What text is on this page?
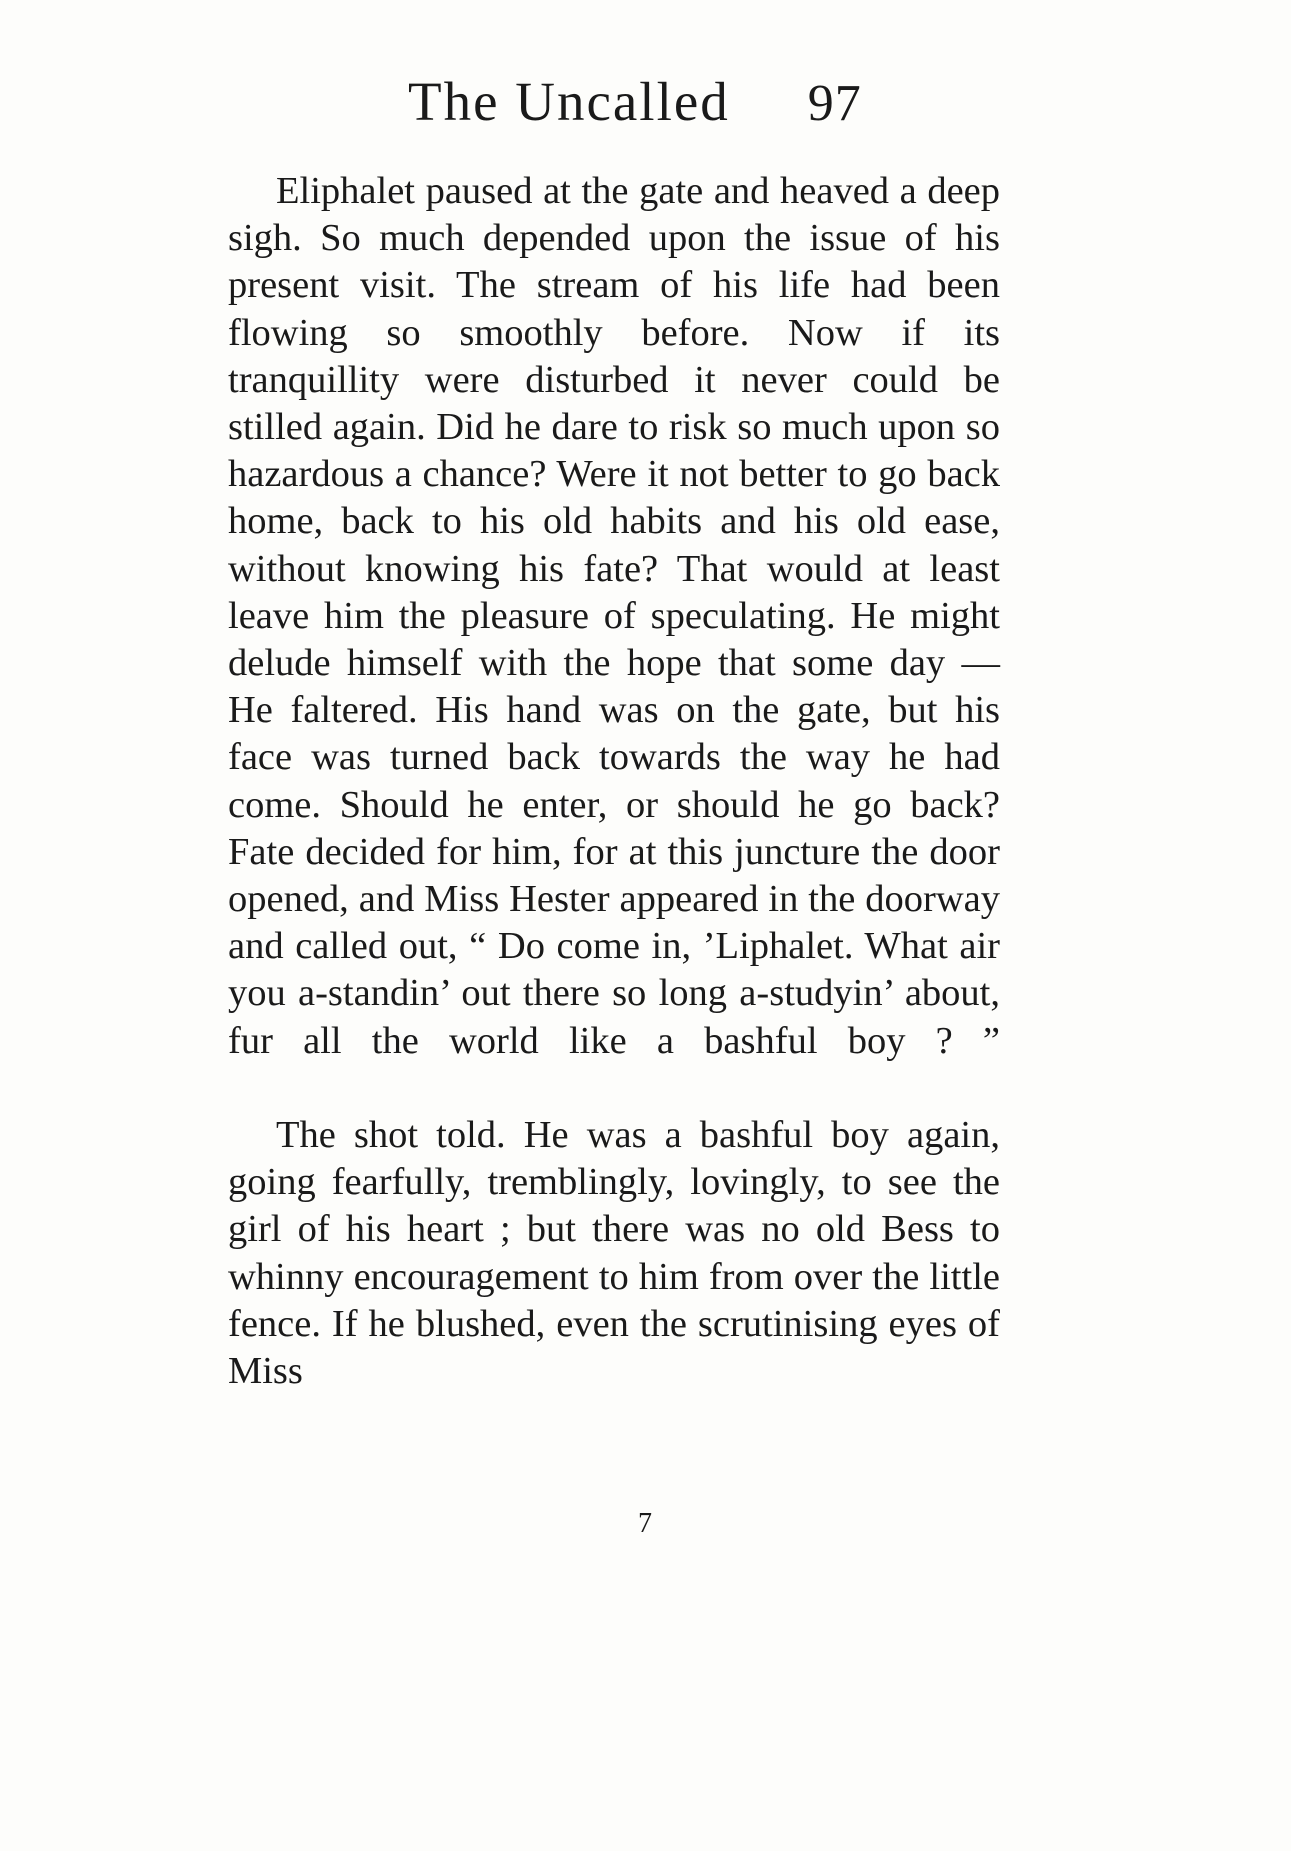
The Uncalled 97

Eliphalet paused at the gate and heaved a deep sigh. So much depended upon the issue of his present visit. The stream of his life had been flowing so smoothly before. Now if its tranquillity were disturbed it never could be stilled again. Did he dare to risk so much upon so hazardous a chance? Were it not better to go back home, back to his old habits and his old ease, without knowing his fate? That would at least leave him the pleasure of speculating. He might delude himself with the hope that some day — He faltered. His hand was on the gate, but his face was turned back towards the way he had come. Should he enter, or should he go back? Fate decided for him, for at this juncture the door opened, and Miss Hester appeared in the doorway and called out, “ Do come in, ’Liphalet. What air you a-standin’ out there so long a-studyin’ about, fur all the world like a bashful boy ? ”

The shot told. He was a bashful boy again, going fearfully, tremblingly, lovingly, to see the girl of his heart ; but there was no old Bess to whinny encouragement to him from over the little fence. If he blushed, even the scrutinising eyes of Miss

7
